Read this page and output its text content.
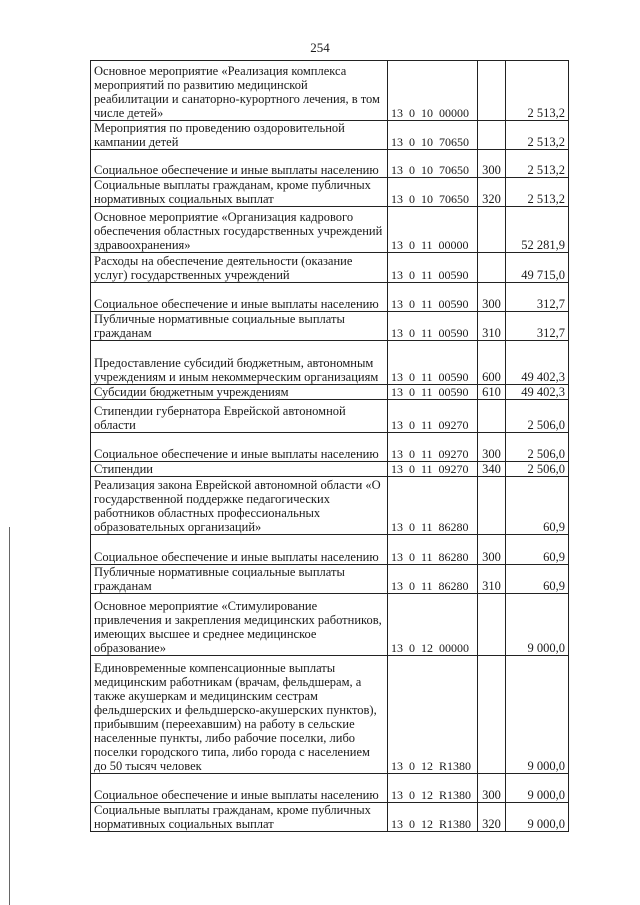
254
Основное мероприятие «Реализация комплекса мероприятий по развитию медицинской реабилитации и санаторно-курортного лечения, в том числе детей»	13  0  10  00000		2 513,2
Мероприятия по проведению оздоровительной кампании детей	13  0  10  70650		2 513,2
Социальное обеспечение и иные выплаты населению	13  0  10  70650	300	2 513,2
Социальные выплаты гражданам, кроме публичных нормативных социальных выплат	13  0  10  70650	320	2 513,2
Основное мероприятие «Организация кадрового обеспечения областных государственных учреждений здравоохранения»	13  0  11  00000		52 281,9
Расходы на обеспечение деятельности (оказание услуг) государственных учреждений	13  0  11  00590		49 715,0
Социальное обеспечение и иные выплаты населению	13  0  11  00590	300	312,7
Публичные нормативные социальные выплаты гражданам	13  0  11  00590	310	312,7
Предоставление субсидий бюджетным, автономным учреждениям и иным некоммерческим организациям	13  0  11  00590	600	49 402,3
Субсидии бюджетным учреждениям	13  0  11  00590	610	49 402,3
Стипендии губернатора Еврейской автономной области	13  0  11  09270		2 506,0
Социальное обеспечение и иные выплаты населению	13  0  11  09270	300	2 506,0
Стипендии	13  0  11  09270	340	2 506,0
Реализация закона Еврейской автономной области «О государственной поддержке педагогических работников областных профессиональных образовательных организаций»	13  0  11  86280		60,9
Социальное обеспечение и иные выплаты населению	13  0  11  86280	300	60,9
Публичные нормативные социальные выплаты гражданам	13  0  11  86280	310	60,9
Основное мероприятие «Стимулирование привлечения и закрепления медицинских работников, имеющих высшее и среднее медицинское образование»	13  0  12  00000		9 000,0
Единовременные компенсационные выплаты медицинским работникам (врачам, фельдшерам, а также акушеркам и медицинским сестрам фельдшерских и фельдшерско-акушерских пунктов), прибывшим (переехавшим) на работу в сельские населенные пункты, либо рабочие поселки, либо поселки городского типа, либо города с населением до 50 тысяч человек	13  0  12  R1380		9 000,0
Социальное обеспечение и иные выплаты населению	13  0  12  R1380	300	9 000,0
Социальные выплаты гражданам, кроме публичных нормативных социальных выплат	13  0  12  R1380	320	9 000,0
